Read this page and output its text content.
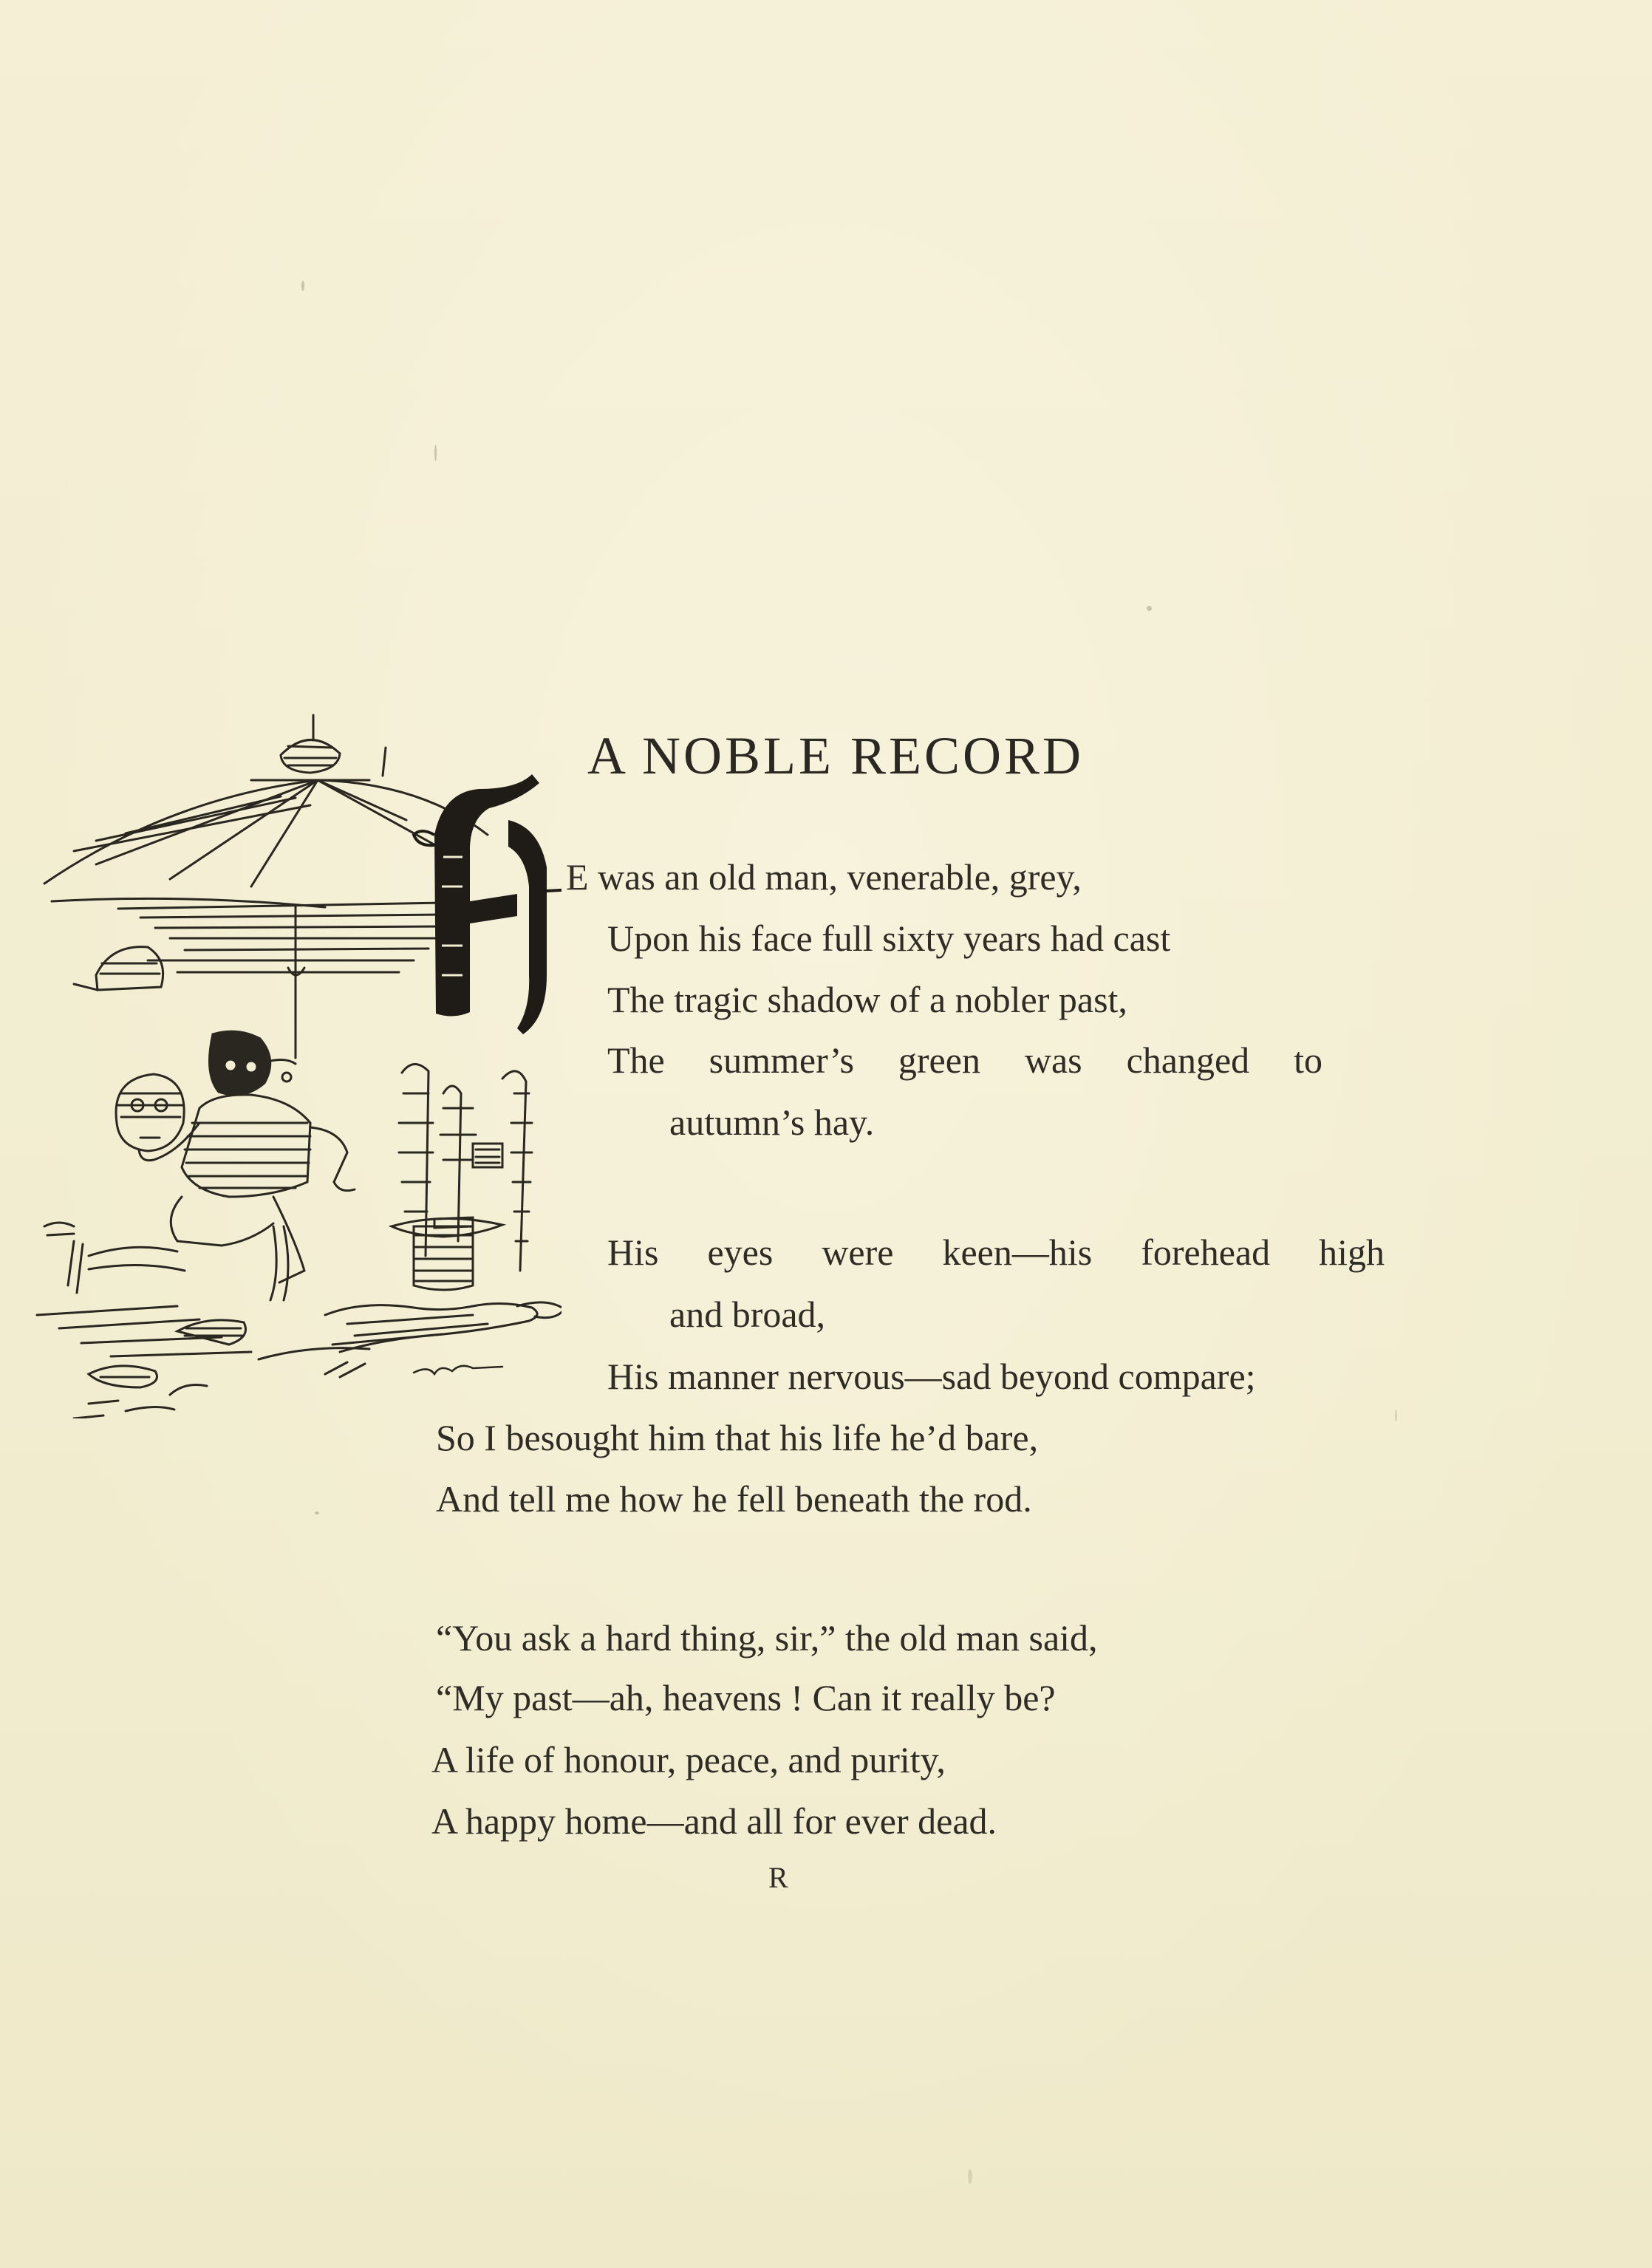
A NOBLE RECORD
E was an old man, venerable, grey,
Upon his face full sixty years had cast
The tragic shadow of a nobler past,
The summer’s green was changed to
autumn’s hay.
His eyes were keen—his forehead high
and broad,
His manner nervous—sad beyond compare;
So I besought him that his life he’d bare,
And tell me how he fell beneath the rod.
“You ask a hard thing, sir,” the old man said,
“My past—ah, heavens ! Can it really be?
A life of honour, peace, and purity,
A happy home—and all for ever dead.
R
